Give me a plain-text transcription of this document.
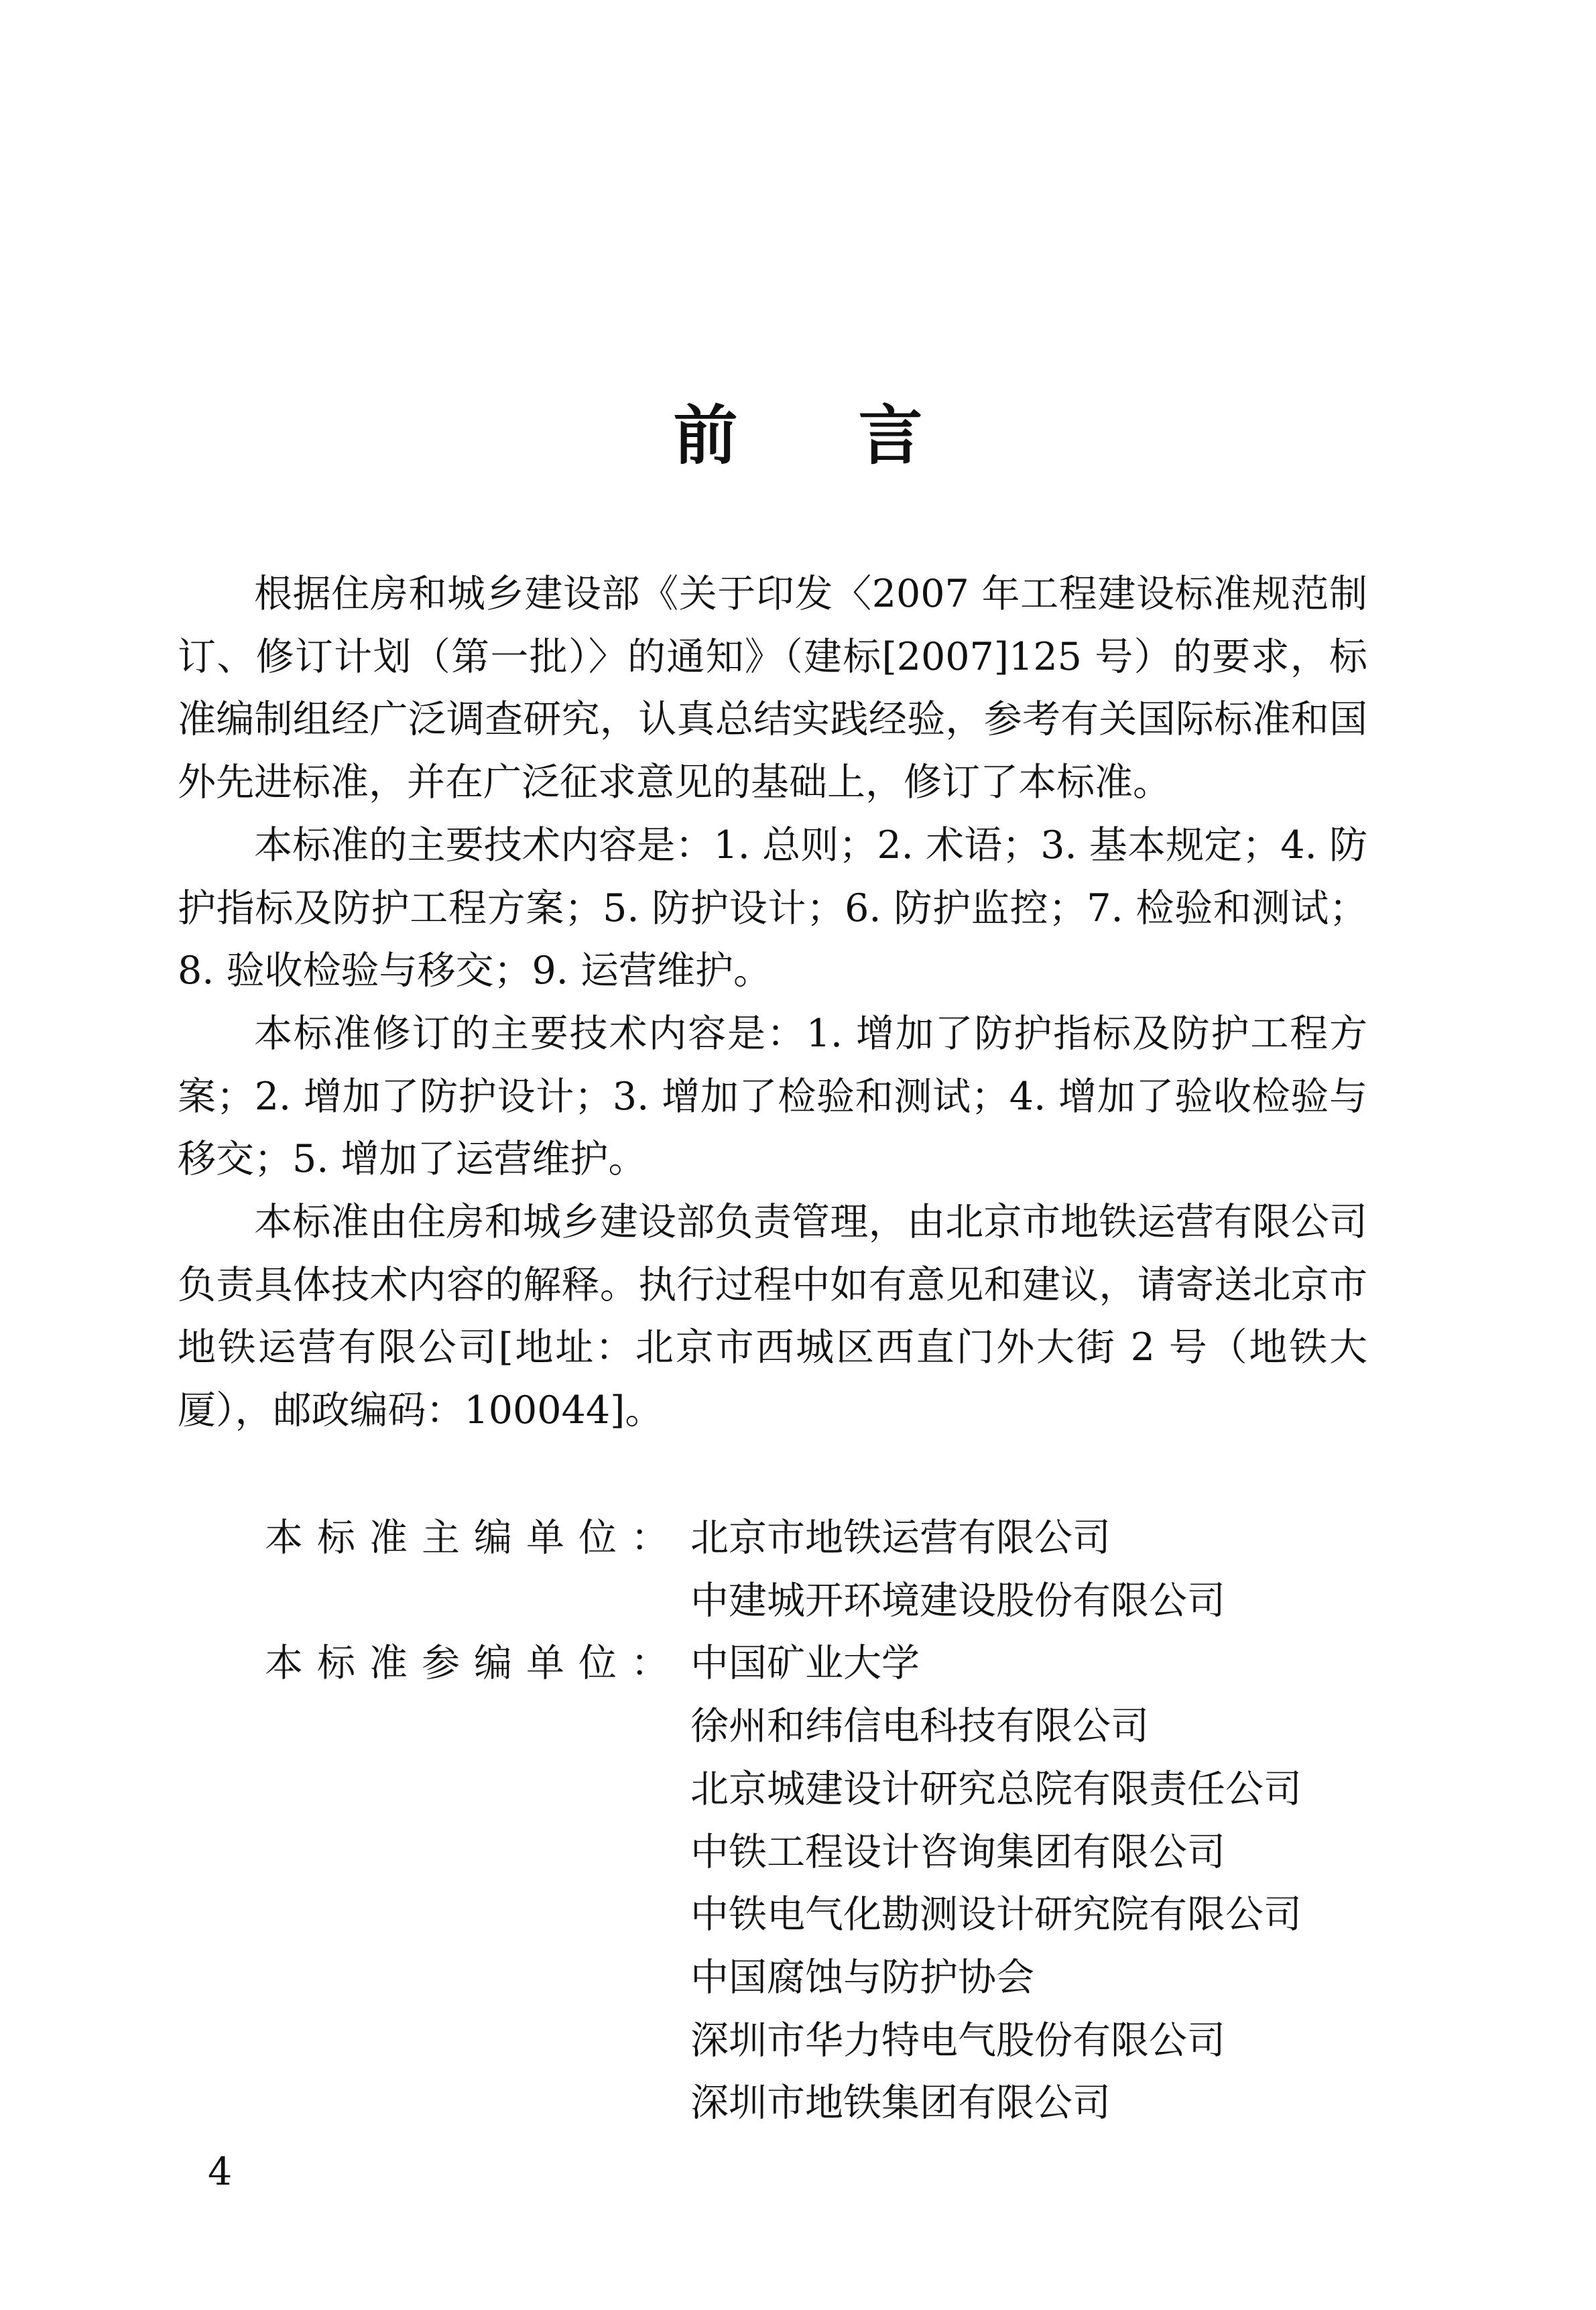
前言

根据住房和城乡建设部《关于印发〈2007 年工程建设标准规范制订、修订计划（第一批）〉的通知》（建标[2007]125 号）的要求，标准编制组经广泛调查研究，认真总结实践经验，参考有关国际标准和国外先进标准，并在广泛征求意见的基础上，修订了本标准。

本标准的主要技术内容是：1. 总则；2. 术语；3. 基本规定；4. 防护指标及防护工程方案；5. 防护设计；6. 防护监控；7. 检验和测试；8. 验收检验与移交；9. 运营维护。

本标准修订的主要技术内容是：1. 增加了防护指标及防护工程方案；2. 增加了防护设计；3. 增加了检验和测试；4. 增加了验收检验与移交；5. 增加了运营维护。

本标准由住房和城乡建设部负责管理，由北京市地铁运营有限公司负责具体技术内容的解释。执行过程中如有意见和建议，请寄送北京市地铁运营有限公司[地址：北京市西城区西直门外大街 2 号（地铁大厦），邮政编码：100044]。

本标准主编单位： 北京市地铁运营有限公司
中建城开环境建设股份有限公司
本标准参编单位： 中国矿业大学
徐州和纬信电科技有限公司
北京城建设计研究总院有限责任公司
中铁工程设计咨询集团有限公司
中铁电气化勘测设计研究院有限公司
中国腐蚀与防护协会
深圳市华力特电气股份有限公司
深圳市地铁集团有限公司
4
